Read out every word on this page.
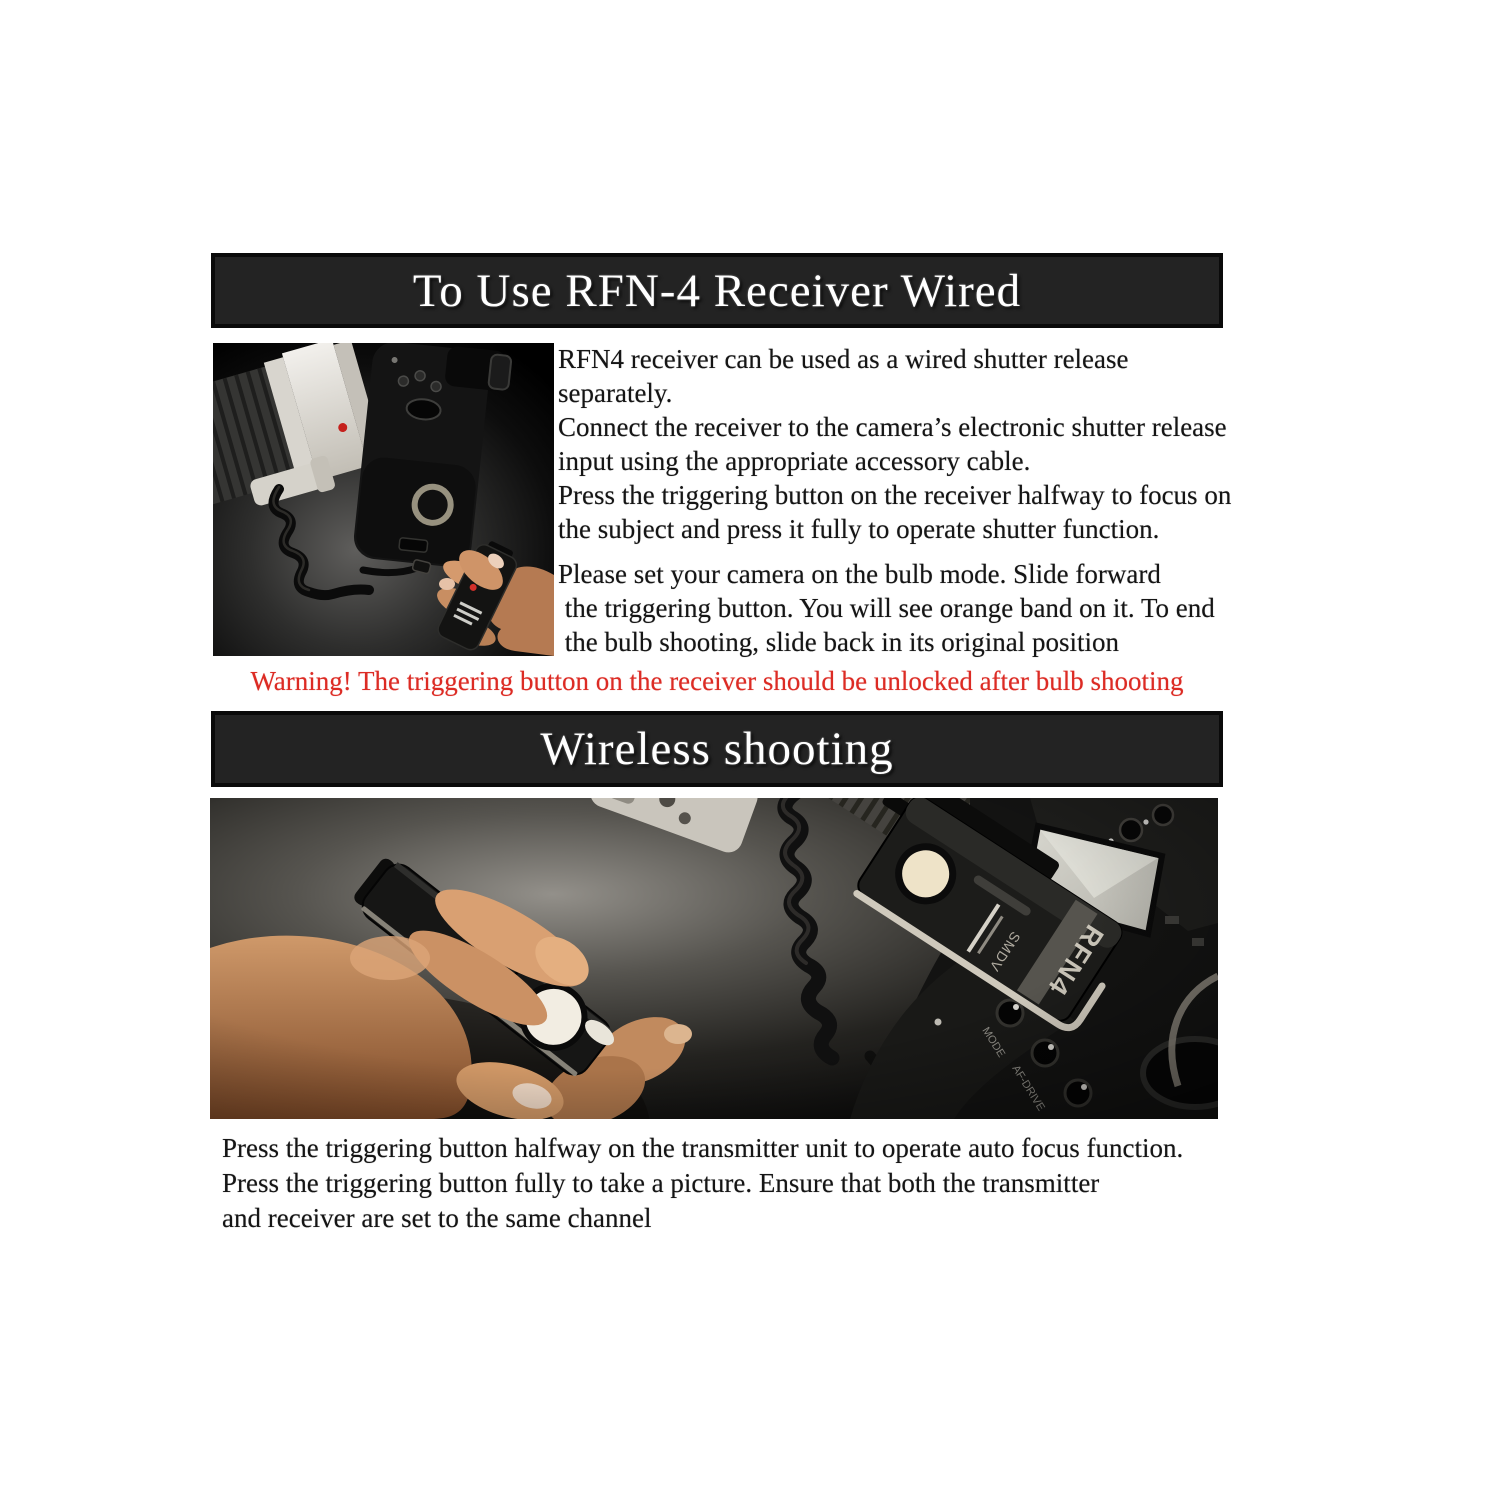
To Use RFN-4 Receiver Wired
RFN4 receiver can be used as a wired shutter release
separately.
Connect the receiver to the camera’s electronic shutter release
input using the appropriate accessory cable.
Press the triggering button on the receiver halfway to focus on
the subject and press it fully to operate shutter function.
Please set your camera on the bulb mode. Slide forward
the triggering button. You will see orange band on it. To end
the bulb shooting, slide back in its original position
Warning! The triggering button on the receiver should be unlocked after bulb shooting
Wireless shooting
Press the triggering button halfway on the transmitter unit to operate auto focus function.
Press the triggering button fully to take a picture. Ensure that both the transmitter
and receiver are set to the same channel
